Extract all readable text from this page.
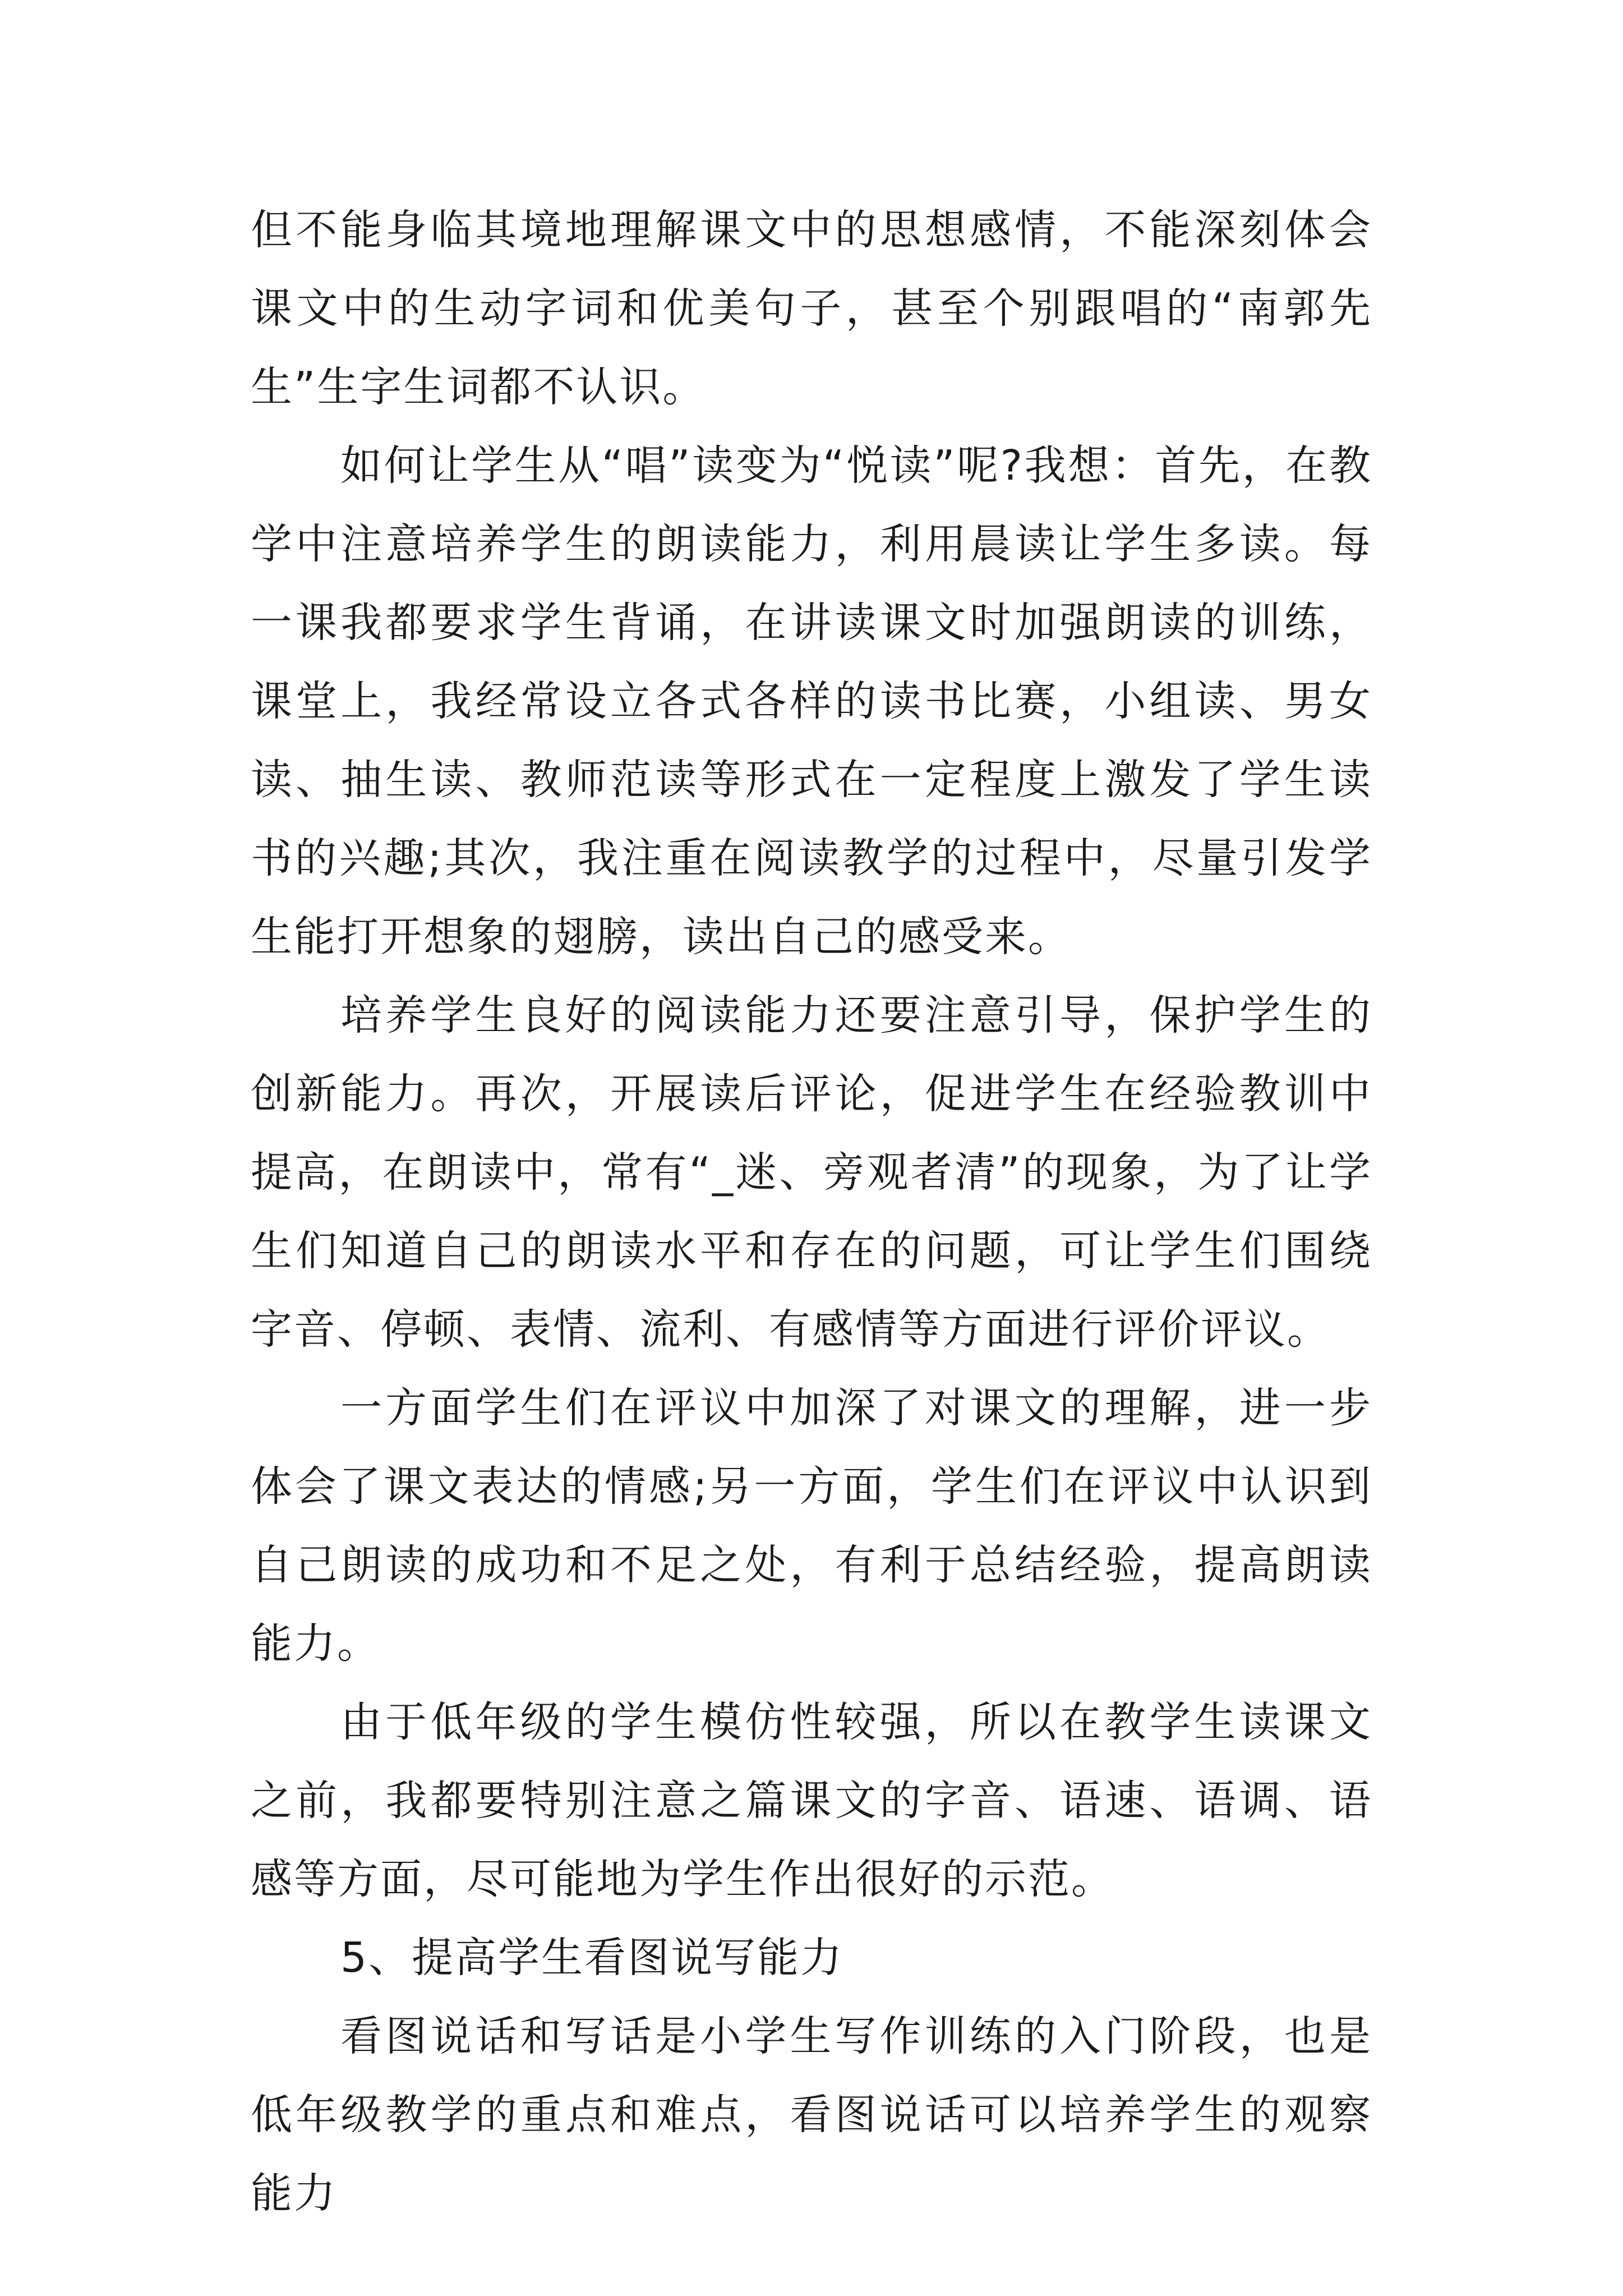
但不能身临其境地理解课文中的思想感情，不能深刻体会课文中的生动字词和优美句子，甚至个别跟唱的“南郭先生”生字生词都不认识。

如何让学生从“唱”读变为“悦读”呢?我想：首先，在教学中注意培养学生的朗读能力，利用晨读让学生多读。每一课我都要求学生背诵，在讲读课文时加强朗读的训练，课堂上，我经常设立各式各样的读书比赛，小组读、男女读、抽生读、教师范读等形式在一定程度上激发了学生读书的兴趣;其次，我注重在阅读教学的过程中，尽量引发学生能打开想象的翅膀，读出自己的感受来。

培养学生良好的阅读能力还要注意引导，保护学生的创新能力。再次，开展读后评论，促进学生在经验教训中提高，在朗读中，常有“_迷、旁观者清”的现象，为了让学生们知道自己的朗读水平和存在的问题，可让学生们围绕字音、停顿、表情、流利、有感情等方面进行评价评议。

一方面学生们在评议中加深了对课文的理解，进一步体会了课文表达的情感;另一方面，学生们在评议中认识到自己朗读的成功和不足之处，有利于总结经验，提高朗读能力。

由于低年级的学生模仿性较强，所以在教学生读课文之前，我都要特别注意之篇课文的字音、语速、语调、语感等方面，尽可能地为学生作出很好的示范。

5、提高学生看图说写能力

看图说话和写话是小学生写作训练的入门阶段，也是低年级教学的重点和难点，看图说话可以培养学生的观察能力
